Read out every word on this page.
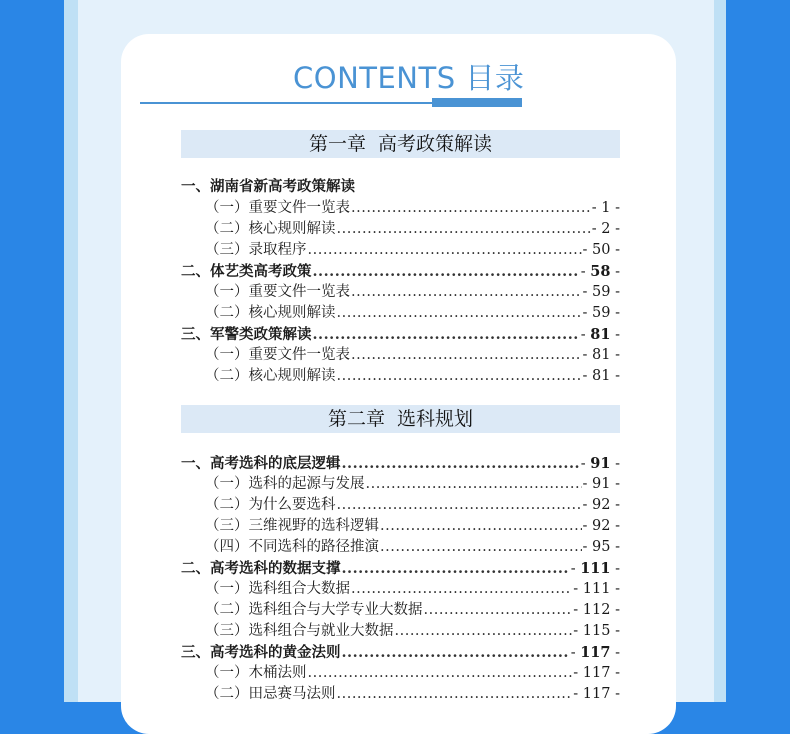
CONTENTS 目录
第一章  高考政策解读
一、湖南省新高考政策解读
（一）重要文件一览表 .....	- 1 -
（二）核心规则解读 .....	- 2 -
（三）录取程序 .....	- 50 -
二、体艺类高考政策 .....	- 58 -
（一）重要文件一览表 .....	- 59 -
（二）核心规则解读 .....	- 59 -
三、军警类政策解读 .....	- 81 -
（一）重要文件一览表 .....	- 81 -
（二）核心规则解读 .....	- 81 -
第二章  选科规划
一、高考选科的底层逻辑 .....	- 91 -
（一）选科的起源与发展 .....	- 91 -
（二）为什么要选科 .....	- 92 -
（三）三维视野的选科逻辑 .....	- 92 -
（四）不同选科的路径推演 .....	- 95 -
二、高考选科的数据支撑 .....	- 111 -
（一）选科组合大数据 .....	- 111 -
（二）选科组合与大学专业大数据 .....	- 112 -
（三）选科组合与就业大数据 .....	- 115 -
三、高考选科的黄金法则 .....	- 117 -
（一）木桶法则 .....	- 117 -
（二）田忌赛马法则 .....	- 117 -
